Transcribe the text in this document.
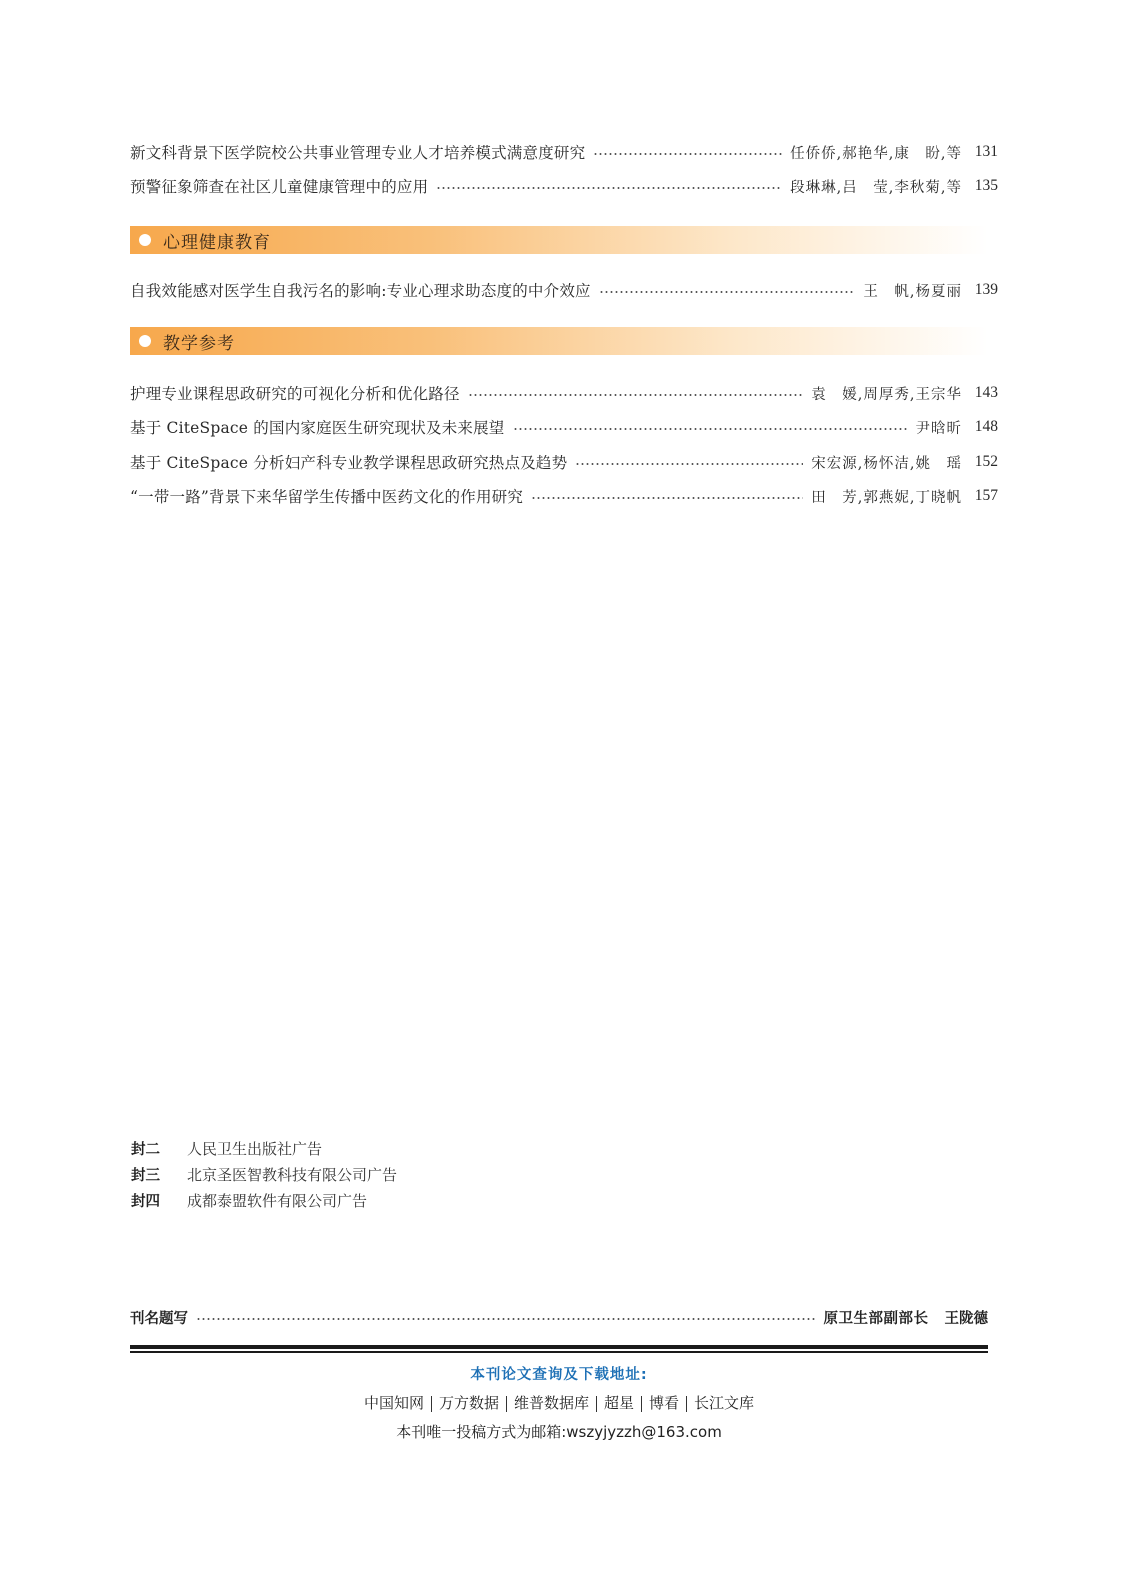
新文科背景下医学院校公共事业管理专业人才培养模式满意度研究	任侨侨,郝艳华,康　盼,等 131
预警征象筛查在社区儿童健康管理中的应用	段琳琳,吕　莹,李秋菊,等 135
心理健康教育
自我效能感对医学生自我污名的影响:专业心理求助态度的中介效应	王　帆,杨夏丽 139
教学参考
护理专业课程思政研究的可视化分析和优化路径	袁　媛,周厚秀,王宗华 143
基于 CiteSpace 的国内家庭医生研究现状及未来展望	尹晗昕 148
基于 CiteSpace 分析妇产科专业教学课程思政研究热点及趋势	宋宏源,杨怀洁,姚　瑶 152
“一带一路”背景下来华留学生传播中医药文化的作用研究	田　芳,郭燕妮,丁晓帆 157
封二	人民卫生出版社广告
封三	北京圣医智教科技有限公司广告
封四	成都泰盟软件有限公司广告
刊名题写	原卫生部副部长 王陇德
本刊论文查询及下载地址:
中国知网 万方数据 维普数据库 超星 博看 长江文库
本刊唯一投稿方式为邮箱:wszyjyzzh@163.com
